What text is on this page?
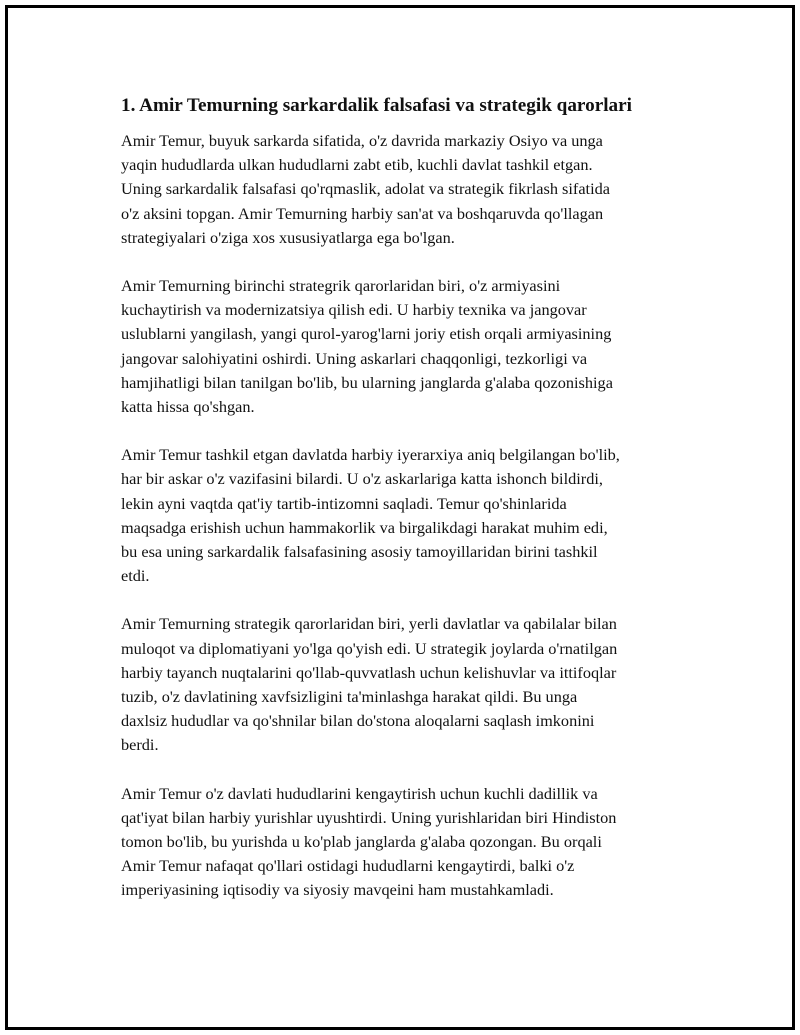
1. Amir Temurning sarkardalik falsafasi va strategik qarorlari

Amir Temur, buyuk sarkarda sifatida, o'z davrida markaziy Osiyo va unga
yaqin hududlarda ulkan hududlarni zabt etib, kuchli davlat tashkil etgan.
Uning sarkardalik falsafasi qo'rqmaslik, adolat va strategik fikrlash sifatida
o'z aksini topgan. Amir Temurning harbiy san'at va boshqaruvda qo'llagan
strategiyalari o'ziga xos xususiyatlarga ega bo'lgan.

Amir Temurning birinchi strategrik qarorlaridan biri, o'z armiyasini
kuchaytirish va modernizatsiya qilish edi. U harbiy texnika va jangovar
uslublarni yangilash, yangi qurol-yarog'larni joriy etish orqali armiyasining
jangovar salohiyatini oshirdi. Uning askarlari chaqqonligi, tezkorligi va
hamjihatligi bilan tanilgan bo'lib, bu ularning janglarda g'alaba qozonishiga
katta hissa qo'shgan.

Amir Temur tashkil etgan davlatda harbiy iyerarxiya aniq belgilangan bo'lib,
har bir askar o'z vazifasini bilardi. U o'z askarlariga katta ishonch bildirdi,
lekin ayni vaqtda qat'iy tartib-intizomni saqladi. Temur qo'shinlarida
maqsadga erishish uchun hammakorlik va birgalikdagi harakat muhim edi,
bu esa uning sarkardalik falsafasining asosiy tamoyillaridan birini tashkil
etdi.

Amir Temurning strategik qarorlaridan biri, yerli davlatlar va qabilalar bilan
muloqot va diplomatiyani yo'lga qo'yish edi. U strategik joylarda o'rnatilgan
harbiy tayanch nuqtalarini qo'llab-quvvatlash uchun kelishuvlar va ittifoqlar
tuzib, o'z davlatining xavfsizligini ta'minlashga harakat qildi. Bu unga
daxlsiz hududlar va qo'shnilar bilan do'stona aloqalarni saqlash imkonini
berdi.

Amir Temur o'z davlati hududlarini kengaytirish uchun kuchli dadillik va
qat'iyat bilan harbiy yurishlar uyushtirdi. Uning yurishlaridan biri Hindiston
tomon bo'lib, bu yurishda u ko'plab janglarda g'alaba qozongan. Bu orqali
Amir Temur nafaqat qo'llari ostidagi hududlarni kengaytirdi, balki o'z
imperiyasining iqtisodiy va siyosiy mavqeini ham mustahkamladi.
